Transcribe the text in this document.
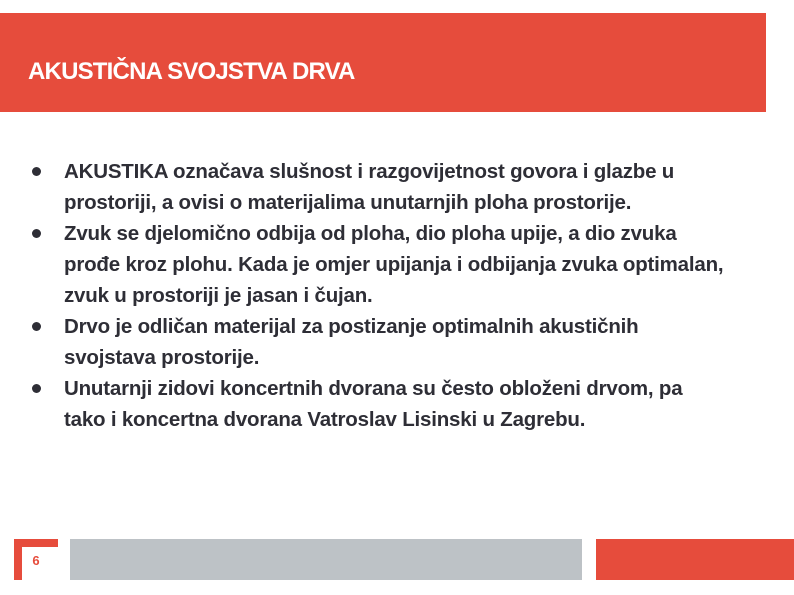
AKUSTIČNA SVOJSTVA DRVA
AKUSTIKA označava slušnost i razgovijetnost govora i glazbe u prostoriji, a ovisi o materijalima unutarnjih ploha prostorije.
Zvuk se djelomično odbija od ploha, dio ploha upije, a dio zvuka prođe kroz plohu. Kada je omjer upijanja i odbijanja zvuka optimalan, zvuk u prostoriji je jasan i čujan.
Drvo je odličan materijal za postizanje optimalnih akustičnih svojstava prostorije.
Unutarnji zidovi koncertnih dvorana su često obloženi drvom, pa tako i koncertna dvorana Vatroslav Lisinski u Zagrebu.
6
